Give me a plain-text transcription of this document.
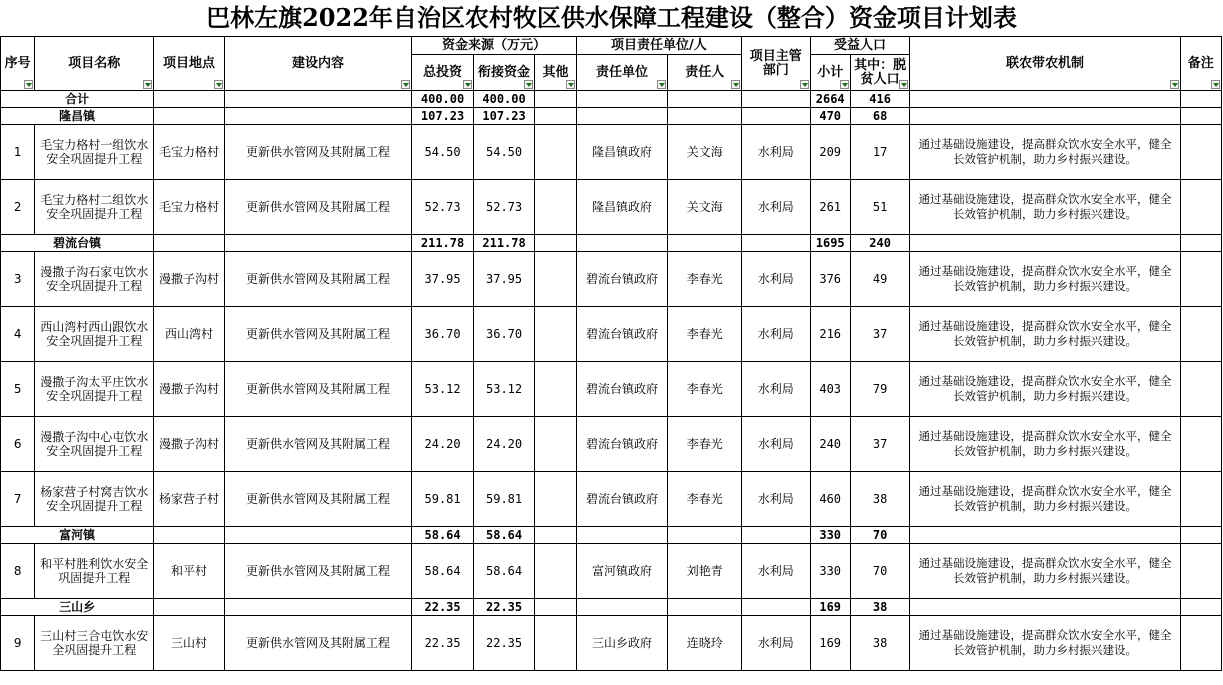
巴林左旗2022年自治区农村牧区供水保障工程建设（整合）资金项目计划表
序号	项目名称	项目地点	建设内容	资金来源（万元）			项目责任单位/人		项目主管部门	受益人口		联农带农机制	备注

				总投资	衔接资金	其他	责任单位	责任人		小计	其中：脱贫人口		

合计				400.00	400.00					2664	416		
隆昌镇				107.23	107.23					470	68		
1	毛宝力格村一组饮水安全巩固提升工程	毛宝力格村	更新供水管网及其附属工程	54.50	54.50		隆昌镇政府	关文海	水利局	209	17	通过基础设施建设，提高群众饮水安全水平，健全长效管护机制，助力乡村振兴建设。	
2	毛宝力格村二组饮水安全巩固提升工程	毛宝力格村	更新供水管网及其附属工程	52.73	52.73		隆昌镇政府	关文海	水利局	261	51	通过基础设施建设，提高群众饮水安全水平，健全长效管护机制，助力乡村振兴建设。	
碧流台镇				211.78	211.78					1695	240		
3	漫撒子沟石家屯饮水安全巩固提升工程	漫撒子沟村	更新供水管网及其附属工程	37.95	37.95		碧流台镇政府	李春光	水利局	376	49	通过基础设施建设，提高群众饮水安全水平，健全长效管护机制，助力乡村振兴建设。	
4	西山湾村西山跟饮水安全巩固提升工程	西山湾村	更新供水管网及其附属工程	36.70	36.70		碧流台镇政府	李春光	水利局	216	37	通过基础设施建设，提高群众饮水安全水平，健全长效管护机制，助力乡村振兴建设。	
5	漫撒子沟太平庄饮水安全巩固提升工程	漫撒子沟村	更新供水管网及其附属工程	53.12	53.12		碧流台镇政府	李春光	水利局	403	79	通过基础设施建设，提高群众饮水安全水平，健全长效管护机制，助力乡村振兴建设。	
6	漫撒子沟中心屯饮水安全巩固提升工程	漫撒子沟村	更新供水管网及其附属工程	24.20	24.20		碧流台镇政府	李春光	水利局	240	37	通过基础设施建设，提高群众饮水安全水平，健全长效管护机制，助力乡村振兴建设。	
7	杨家营子村窝吉饮水安全巩固提升工程	杨家营子村	更新供水管网及其附属工程	59.81	59.81		碧流台镇政府	李春光	水利局	460	38	通过基础设施建设，提高群众饮水安全水平，健全长效管护机制，助力乡村振兴建设。	
富河镇				58.64	58.64					330	70		
8	和平村胜利饮水安全巩固提升工程	和平村	更新供水管网及其附属工程	58.64	58.64		富河镇政府	刘艳青	水利局	330	70	通过基础设施建设，提高群众饮水安全水平，健全长效管护机制，助力乡村振兴建设。	
三山乡				22.35	22.35					169	38		
9	三山村三合屯饮水安全巩固提升工程	三山村	更新供水管网及其附属工程	22.35	22.35		三山乡政府	连晓玲	水利局	169	38	通过基础设施建设，提高群众饮水安全水平，健全长效管护机制，助力乡村振兴建设。	
